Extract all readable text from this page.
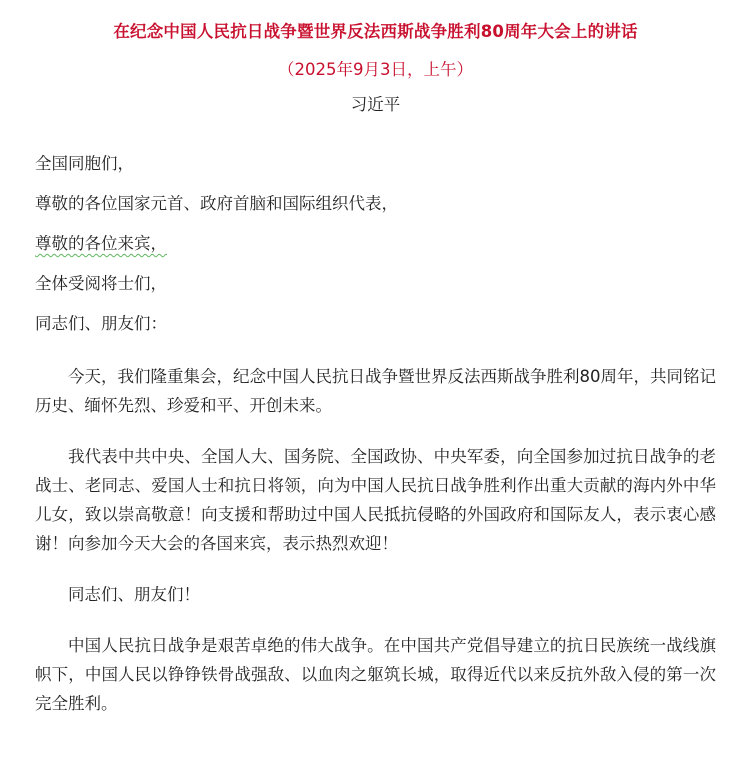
在纪念中国人民抗日战争暨世界反法西斯战争胜利80周年大会上的讲话

（2025年9月3日，上午）

习近平

全国同胞们，

尊敬的各位国家元首、政府首脑和国际组织代表，

尊敬的各位来宾，

全体受阅将士们，

同志们、朋友们：

今天，我们隆重集会，纪念中国人民抗日战争暨世界反法西斯战争胜利80周年，共同铭记历史、缅怀先烈、珍爱和平、开创未来。

我代表中共中央、全国人大、国务院、全国政协、中央军委，向全国参加过抗日战争的老战士、老同志、爱国人士和抗日将领，向为中国人民抗日战争胜利作出重大贡献的海内外中华儿女，致以崇高敬意！向支援和帮助过中国人民抵抗侵略的外国政府和国际友人，表示衷心感谢！向参加今天大会的各国来宾，表示热烈欢迎！

同志们、朋友们！

中国人民抗日战争是艰苦卓绝的伟大战争。在中国共产党倡导建立的抗日民族统一战线旗帜下，中国人民以铮铮铁骨战强敌、以血肉之躯筑长城，取得近代以来反抗外敌入侵的第一次完全胜利。
